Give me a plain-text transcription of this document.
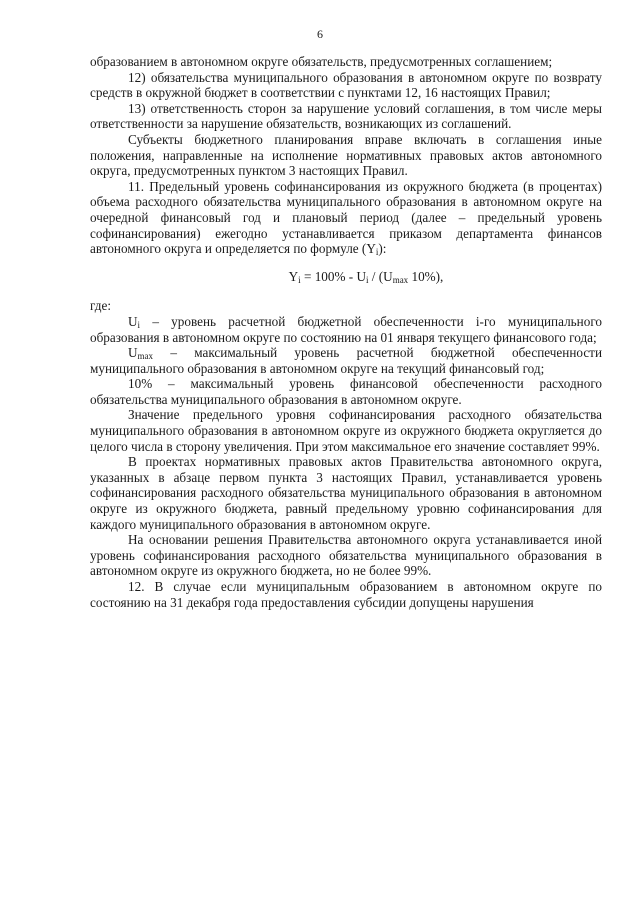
6

образованием в автономном округе обязательств, предусмотренных соглашением;

12) обязательства муниципального образования в автономном округе по возврату средств в окружной бюджет в соответствии с пунктами 12, 16 настоящих Правил;

13) ответственность сторон за нарушение условий соглашения, в том числе меры ответственности за нарушение обязательств, возникающих из соглашений.

Субъекты бюджетного планирования вправе включать в соглашения иные положения, направленные на исполнение нормативных правовых актов автономного округа, предусмотренных пунктом 3 настоящих Правил.

11. Предельный уровень софинансирования из окружного бюджета (в процентах) объема расходного обязательства муниципального образования в автономном округе на очередной финансовый год и плановый период (далее – предельный уровень софинансирования) ежегодно устанавливается приказом департамента финансов автономного округа и определяется по формуле $(Y_i)$:

$Y_i = 100\% - U_i / (U_{max}$ 10%),

где:

$U_i$ – уровень расчетной бюджетной обеспеченности i-го муниципального образования в автономном округе по состоянию на 01 января текущего финансового года;

$U_{max}$ – максимальный уровень расчетной бюджетной обеспеченности муниципального образования в автономном округе на текущий финансовый год;

10% – максимальный уровень финансовой обеспеченности расходного обязательства муниципального образования в автономном округе.

Значение предельного уровня софинансирования расходного обязательства муниципального образования в автономном округе из окружного бюджета округляется до целого числа в сторону увеличения. При этом максимальное его значение составляет 99%.

В проектах нормативных правовых актов Правительства автономного округа, указанных в абзаце первом пункта 3 настоящих Правил, устанавливается уровень софинансирования расходного обязательства муниципального образования в автономном округе из окружного бюджета, равный предельному уровню софинансирования для каждого муниципального образования в автономном округе.

На основании решения Правительства автономного округа устанавливается иной уровень софинансирования расходного обязательства муниципального образования в автономном округе из окружного бюджета, но не более 99%.

12. В случае если муниципальным образованием в автономном округе по состоянию на 31 декабря года предоставления субсидии допущены нарушения
